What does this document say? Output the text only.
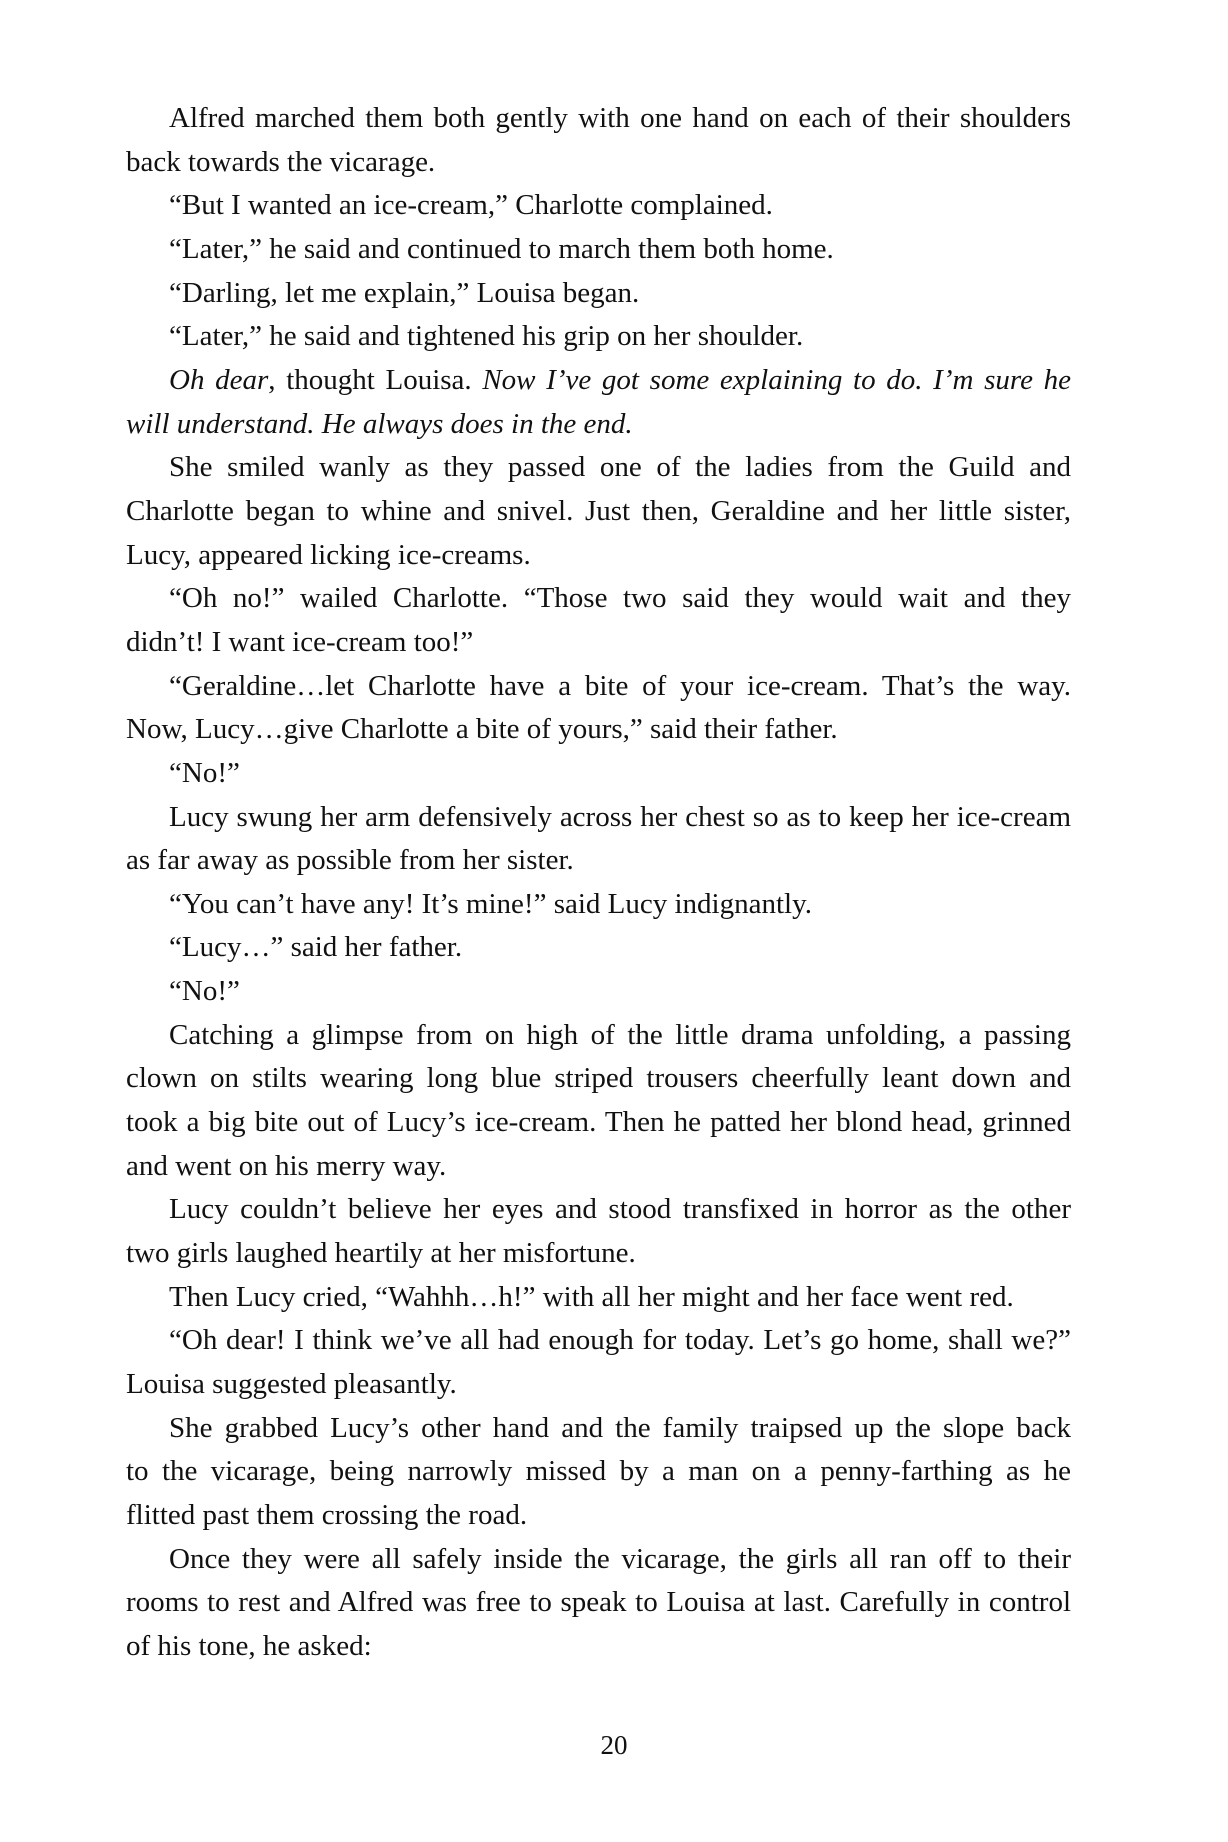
Alfred marched them both gently with one hand on each of their shoulders
back towards the vicarage.
“But I wanted an ice-cream,” Charlotte complained.
“Later,” he said and continued to march them both home.
“Darling, let me explain,” Louisa began.
“Later,” he said and tightened his grip on her shoulder.
Oh dear, thought Louisa. Now I’ve got some explaining to do. I’m sure he
will understand. He always does in the end.
She smiled wanly as they passed one of the ladies from the Guild and
Charlotte began to whine and snivel. Just then, Geraldine and her little sister,
Lucy, appeared licking ice-creams.
“Oh no!” wailed Charlotte. “Those two said they would wait and they
didn’t! I want ice-cream too!”
“Geraldine…let Charlotte have a bite of your ice-cream. That’s the way.
Now, Lucy…give Charlotte a bite of yours,” said their father.
“No!”
Lucy swung her arm defensively across her chest so as to keep her ice-cream
as far away as possible from her sister.
“You can’t have any! It’s mine!” said Lucy indignantly.
“Lucy…” said her father.
“No!”
Catching a glimpse from on high of the little drama unfolding, a passing
clown on stilts wearing long blue striped trousers cheerfully leant down and
took a big bite out of Lucy’s ice-cream. Then he patted her blond head, grinned
and went on his merry way.
Lucy couldn’t believe her eyes and stood transfixed in horror as the other
two girls laughed heartily at her misfortune.
Then Lucy cried, “Wahhh…h!” with all her might and her face went red.
“Oh dear! I think we’ve all had enough for today. Let’s go home, shall we?”
Louisa suggested pleasantly.
She grabbed Lucy’s other hand and the family traipsed up the slope back
to the vicarage, being narrowly missed by a man on a penny-farthing as he
flitted past them crossing the road.
Once they were all safely inside the vicarage, the girls all ran off to their
rooms to rest and Alfred was free to speak to Louisa at last. Carefully in control
of his tone, he asked:
20
